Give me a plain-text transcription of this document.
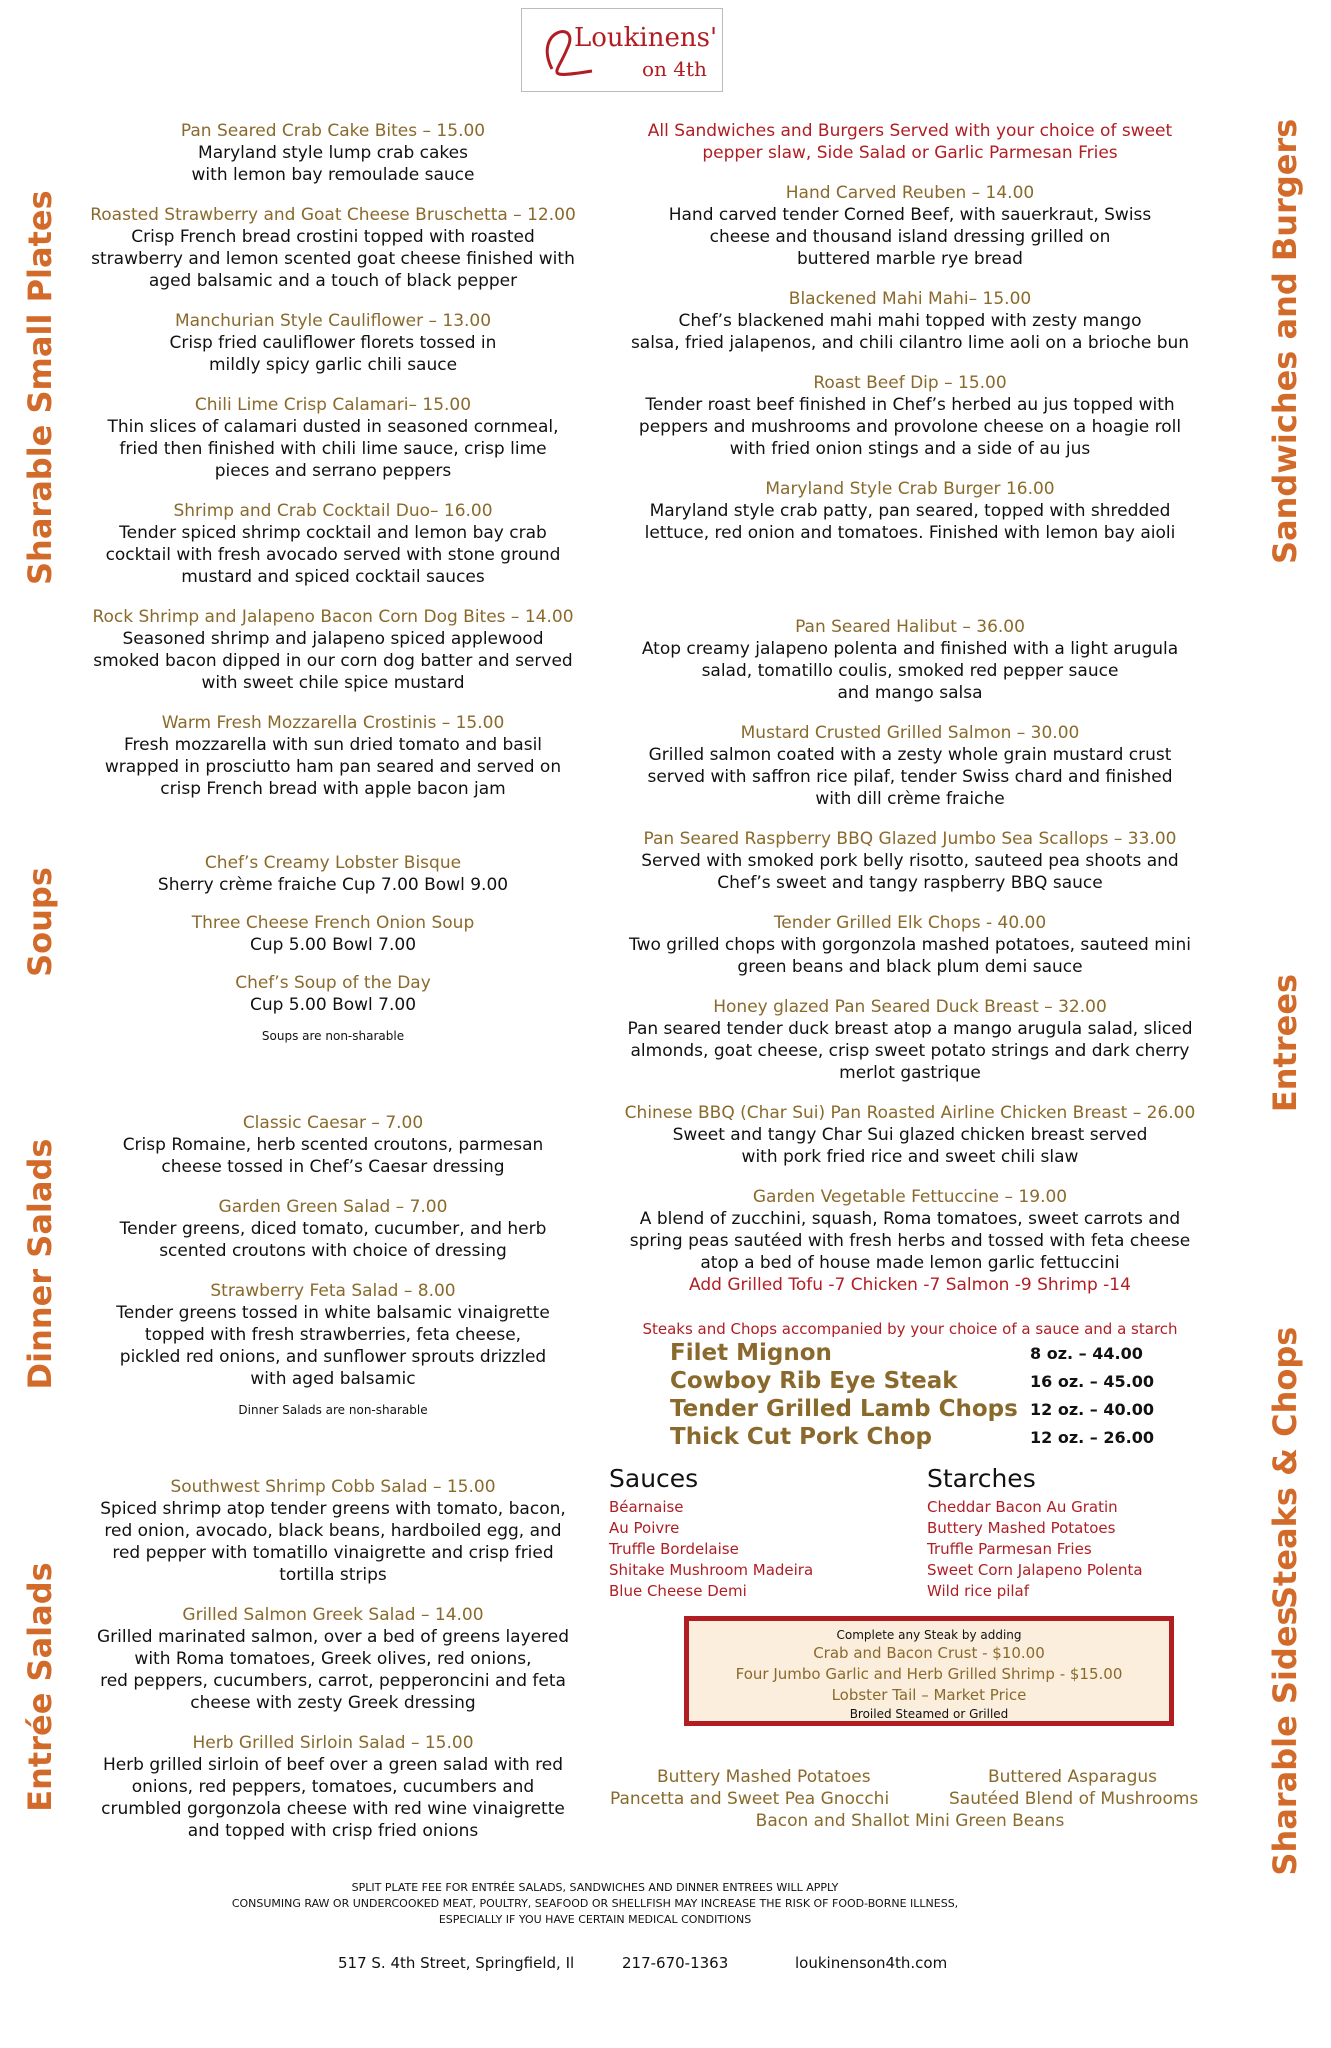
Loukinens'
on 4th
Sharable Small Plates
Soups
Dinner Salads
Entrée Salads
Sandwiches and Burgers
Entrees
Steaks & Chops
Sharable Sides
Pan Seared Crab Cake Bites – 15.00
Maryland style lump crab cakes
with lemon bay remoulade sauce
Roasted Strawberry and Goat Cheese Bruschetta – 12.00
Crisp French bread crostini topped with roasted
strawberry and lemon scented goat cheese finished with
aged balsamic and a touch of black pepper
Manchurian Style Cauliflower – 13.00
Crisp fried cauliflower florets tossed in
mildly spicy garlic chili sauce
Chili Lime Crisp Calamari– 15.00
Thin slices of calamari dusted in seasoned cornmeal,
fried then finished with chili lime sauce, crisp lime
pieces and serrano peppers
Shrimp and Crab Cocktail Duo– 16.00
Tender spiced shrimp cocktail and lemon bay crab
cocktail with fresh avocado served with stone ground
mustard and spiced cocktail sauces
Rock Shrimp and Jalapeno Bacon Corn Dog Bites – 14.00
Seasoned shrimp and jalapeno spiced applewood
smoked bacon dipped in our corn dog batter and served
with sweet chile spice mustard
Warm Fresh Mozzarella Crostinis – 15.00
Fresh mozzarella with sun dried tomato and basil
wrapped in prosciutto ham pan seared and served on
crisp French bread with apple bacon jam
Chef’s Creamy Lobster Bisque
Sherry crème fraiche Cup 7.00 Bowl 9.00
Three Cheese French Onion Soup
Cup 5.00 Bowl 7.00
Chef’s Soup of the Day
Cup 5.00 Bowl 7.00
Soups are non-sharable
Classic Caesar – 7.00
Crisp Romaine, herb scented croutons, parmesan
cheese tossed in Chef’s Caesar dressing
Garden Green Salad – 7.00
Tender greens, diced tomato, cucumber, and herb
scented croutons with choice of dressing
Strawberry Feta Salad – 8.00
Tender greens tossed in white balsamic vinaigrette
topped with fresh strawberries, feta cheese,
pickled red onions, and sunflower sprouts drizzled
with aged balsamic
Dinner Salads are non-sharable
Southwest Shrimp Cobb Salad – 15.00
Spiced shrimp atop tender greens with tomato, bacon,
red onion, avocado, black beans, hardboiled egg, and
red pepper with tomatillo vinaigrette and crisp fried
tortilla strips
Grilled Salmon Greek Salad – 14.00
Grilled marinated salmon, over a bed of greens layered
with Roma tomatoes, Greek olives, red onions,
red peppers, cucumbers, carrot, pepperoncini and feta
cheese with zesty Greek dressing
Herb Grilled Sirloin Salad – 15.00
Herb grilled sirloin of beef over a green salad with red
onions, red peppers, tomatoes, cucumbers and
crumbled gorgonzola cheese with red wine vinaigrette
and topped with crisp fried onions
All Sandwiches and Burgers Served with your choice of sweet
pepper slaw, Side Salad or Garlic Parmesan Fries
Hand Carved Reuben – 14.00
Hand carved tender Corned Beef, with sauerkraut, Swiss
cheese and thousand island dressing grilled on
buttered marble rye bread
Blackened Mahi Mahi– 15.00
Chef’s blackened mahi mahi topped with zesty mango
salsa, fried jalapenos, and chili cilantro lime aoli on a brioche bun
Roast Beef Dip – 15.00
Tender roast beef finished in Chef’s herbed au jus topped with
peppers and mushrooms and provolone cheese on a hoagie roll
with fried onion stings and a side of au jus
Maryland Style Crab Burger 16.00
Maryland style crab patty, pan seared, topped with shredded
lettuce, red onion and tomatoes. Finished with lemon bay aioli
Pan Seared Halibut – 36.00
Atop creamy jalapeno polenta and finished with a light arugula
salad, tomatillo coulis, smoked red pepper sauce
and mango salsa
Mustard Crusted Grilled Salmon – 30.00
Grilled salmon coated with a zesty whole grain mustard crust
served with saffron rice pilaf, tender Swiss chard and finished
with dill crème fraiche
Pan Seared Raspberry BBQ Glazed Jumbo Sea Scallops – 33.00
Served with smoked pork belly risotto, sauteed pea shoots and
Chef’s sweet and tangy raspberry BBQ sauce
Tender Grilled Elk Chops - 40.00
Two grilled chops with gorgonzola mashed potatoes, sauteed mini
green beans and black plum demi sauce
Honey glazed Pan Seared Duck Breast – 32.00
Pan seared tender duck breast atop a mango arugula salad, sliced
almonds, goat cheese, crisp sweet potato strings and dark cherry
merlot gastrique
Chinese BBQ (Char Sui) Pan Roasted Airline Chicken Breast – 26.00
Sweet and tangy Char Sui glazed chicken breast served
with pork fried rice and sweet chili slaw
Garden Vegetable Fettuccine – 19.00
A blend of zucchini, squash, Roma tomatoes, sweet carrots and
spring peas sautéed with fresh herbs and tossed with feta cheese
atop a bed of house made lemon garlic fettuccini
Add Grilled Tofu -7 Chicken -7 Salmon -9 Shrimp -14
Steaks and Chops accompanied by your choice of a sauce and a starch
Filet Mignon	8 oz. – 44.00
Cowboy Rib Eye Steak	16 oz. – 45.00
Tender Grilled Lamb Chops 12 oz. – 40.00
Thick Cut Pork Chop	12 oz. – 26.00
Sauces
Béarnaise
Au Poivre
Truffle Bordelaise
Shitake Mushroom Madeira
Blue Cheese Demi
Starches
Cheddar Bacon Au Gratin
Buttery Mashed Potatoes
Truffle Parmesan Fries
Sweet Corn Jalapeno Polenta
Wild rice pilaf
Complete any Steak by adding
Crab and Bacon Crust - $10.00
Four Jumbo Garlic and Herb Grilled Shrimp - $15.00
Lobster Tail – Market Price
Broiled Steamed or Grilled
Buttery Mashed Potatoes	Buttered Asparagus
Pancetta and Sweet Pea Gnocchi	Sautéed Blend of Mushrooms
Bacon and Shallot Mini Green Beans
SPLIT PLATE FEE FOR ENTRÉE SALADS, SANDWICHES AND DINNER ENTREES WILL APPLY
CONSUMING RAW OR UNDERCOOKED MEAT, POULTRY, SEAFOOD OR SHELLFISH MAY INCREASE THE RISK OF FOOD-BORNE ILLNESS,
ESPECIALLY IF YOU HAVE CERTAIN MEDICAL CONDITIONS
517 S. 4th Street, Springfield, Il	217-670-1363	loukinenson4th.com
